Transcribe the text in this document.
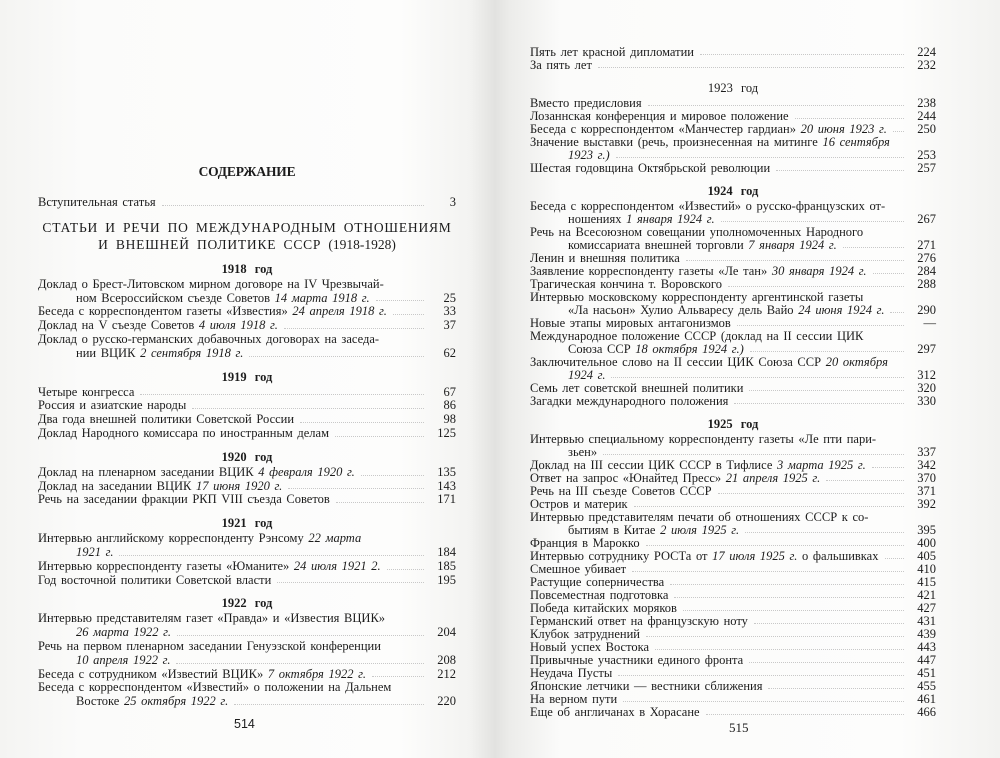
СОДЕРЖАНИЕ
Вступительная статья	3
СТАТЬИ И РЕЧИ ПО МЕЖДУНАРОДНЫМ ОТНОШЕНИЯМ
И ВНЕШНЕЙ ПОЛИТИКЕ СССР (1918-1928)
1918 год
Доклад о Брест-Литовском мирном договоре на IV Чрезвычай-
ном Всероссийском съезде Советов 14 марта 1918 г.	25
Беседа с корреспондентом газеты «Известия» 24 апреля 1918 г.	33
Доклад на V съезде Советов 4 июля 1918 г.	37
Доклад о русско-германских добавочных договорах на заседа-
нии ВЦИК 2 сентября 1918 г.	62
1919 год
Четыре конгресса	67
Россия и азиатские народы	86
Два года внешней политики Советской России	98
Доклад Народного комиссара по иностранным делам	125
1920 год
Доклад на пленарном заседании ВЦИК 4 февраля 1920 г.	135
Доклад на заседании ВЦИК 17 июня 1920 г.	143
Речь на заседании фракции РКП VIII съезда Советов	171
1921 год
Интервью английскому корреспонденту Рэнсому 22 марта
1921 г.	184
Интервью корреспонденту газеты «Юманите» 24 июля 1921 2.	185
Год восточной политики Советской власти	195
1922 год
Интервью представителям газет «Правда» и «Известия ВЦИК»
26 марта 1922 г.	204
Речь на первом пленарном заседании Генуэзской конференции
10 апреля 1922 г.	208
Беседа с сотрудником «Известий ВЦИК» 7 октября 1922 г.	212
Беседа с корреспондентом «Известий» о положении на Дальнем
Востоке 25 октября 1922 г.	220
514
Пять лет красной дипломатии	224
За пять лет	232
1923 год
Вместо предисловия	238
Лозаннская конференция и мировое положение	244
Беседа с корреспондентом «Манчестер гардиан» 20 июня 1923 г.	250
Значение выставки (речь, произнесенная на митинге 16 сентября
1923 г.)	253
Шестая годовщина Октябрьской революции	257
1924 год
Беседа с корреспондентом «Известий» о русско-французских от-
ношениях 1 января 1924 г.	267
Речь на Всесоюзном совещании уполномоченных Народного
комиссариата внешней торговли 7 января 1924 г.	271
Ленин и внешняя политика	276
Заявление корреспонденту газеты «Ле тан» 30 января 1924 г.	284
Трагическая кончина т. Воровского	288
Интервью московскому корреспонденту аргентинской газеты
«Ла насьон» Хулио Альваресу дель Вайо 24 июня 1924 г.	290
Новые этапы мировых антагонизмов	—
Международное положение СССР (доклад на II сессии ЦИК
Союза ССР 18 октября 1924 г.)	297
Заключительное слово на II сессии ЦИК Союза ССР 20 октября
1924 г.	312
Семь лет советской внешней политики	320
Загадки международного положения	330
1925 год
Интервью специальному корреспонденту газеты «Ле пти пари-
зьен»	337
Доклад на III сессии ЦИК СССР в Тифлисе 3 марта 1925 г.	342
Ответ на запрос «Юнайтед Пресс» 21 апреля 1925 г.	370
Речь на III съезде Советов СССР	371
Остров и материк	392
Интервью представителям печати об отношениях СССР к со-
бытиям в Китае 2 июля 1925 г.	395
Франция в Марокко	400
Интервью сотруднику РОСТа от 17 июля 1925 г. о фальшивках	405
Смешное убивает	410
Растущие соперничества	415
Повсеместная подготовка	421
Победа китайских моряков	427
Германский ответ на французскую ноту	431
Клубок затруднений	439
Новый успех Востока	443
Привычные участники единого фронта	447
Неудача Пусты	451
Японские летчики — вестники сближения	455
На верном пути	461
Еще об англичанах в Хорасане	466
515
